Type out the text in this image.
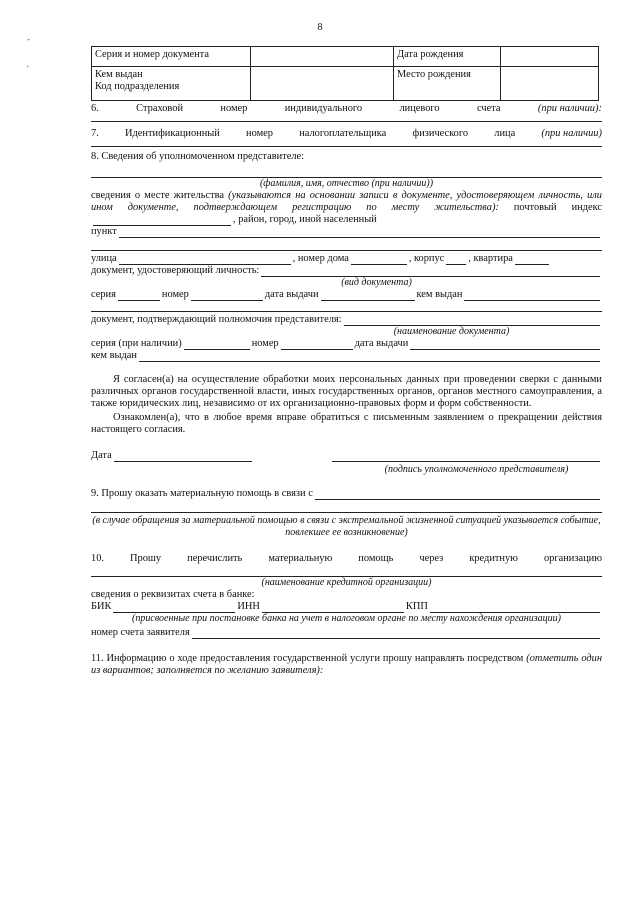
8
-
'
Серия и номер документа		Дата рождения	

Кем выдан
Код подразделения		Место рождения	
6.	Страховой	номер	индивидуального	лицевого	счета	(при наличии):
7.	Идентификационный	номер	налогоплательщика	физического	лица	(при наличии)
8. Сведения об уполномоченном представителе:
(фамилия, имя, отчество (при наличии))
сведения о месте жительства (указываются на основании записи в документе, удостоверяющем личность, или ином документе, подтверждающем регистрацию по месту жительства): почтовый индекс, район, город, иной населенный
пункт
улица	, номер дома	, корпус , квартира
документ, удостоверяющий личность:
(вид документа)
серия	номер	дата выдачи	кем выдан
документ, подтверждающий полномочия представителя:
(наименование документа)
серия (при наличии)	номер	дата выдачи
кем выдан
Я согласен(а) на осуществление обработки моих персональных данных при проведении сверки с данными различных органов государственной власти, иных государственных органов, органов местного самоуправления, а также юридических лиц, независимо от их организационно-правовых форм и форм собственности.
Ознакомлен(а), что в любое время вправе обратиться с письменным заявлением о прекращении действия настоящего согласия.
Дата
(подпись уполномоченного представителя)
9. Прошу оказать материальную помощь в связи с
(в случае обращения за материальной помощью в связи с экстремальной жизненной ситуацией указывается событие, повлекшее ее возникновение)
10.	Прошу	перечислить	материальную	помощь	через	кредитную	организацию
(наименование кредитной организации)
сведения о реквизитах счета в банке:
БИК	ИНН	КПП
(присвоенные при постановке банка на учет в налоговом органе по месту нахождения организации)
номер счета заявителя
11. Информацию о ходе предоставления государственной услуги прошу направлять посредством (отметить один из вариантов; заполняется по желанию заявителя):
